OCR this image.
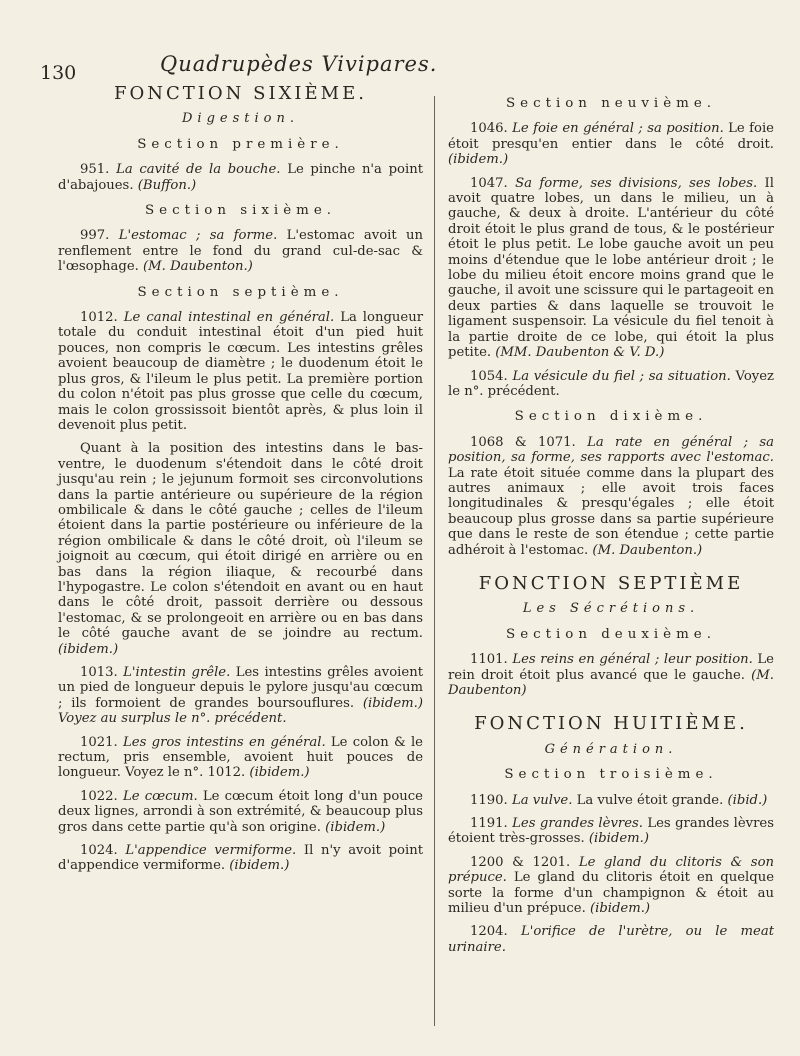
130	Quadrupèdes Vivipares.
FONCTION SIXIÈME.
Digestion.
Section première.

951. La cavité de la bouche. Le pinche n'a point d'abajoues. (Buffon.)

Section sixième.

997. L'estomac ; sa forme. L'estomac avoit un renflement entre le fond du grand cul-de-sac & l'œsophage. (M. Daubenton.)

Section septième.

1012. Le canal intestinal en général. La longueur totale du conduit intestinal étoit d'un pied huit pouces, non compris le cœcum. Les intestins grêles avoient beaucoup de diamètre ; le duodenum étoit le plus gros, & l'ileum le plus petit. La première portion du colon n'étoit pas plus grosse que celle du cœcum, mais le colon grossissoit bientôt après, & plus loin il devenoit plus petit.

Quant à la position des intestins dans le bas-ventre, le duodenum s'étendoit dans le côté droit jusqu'au rein ; le jejunum formoit ses circonvolutions dans la partie antérieure ou supérieure de la région ombilicale & dans le côté gauche ; celles de l'ileum étoient dans la partie postérieure ou inférieure de la région ombilicale & dans le côté droit, où l'ileum se joignoit au cœcum, qui étoit dirigé en arrière ou en bas dans la région iliaque, & recourbé dans l'hypogastre. Le colon s'étendoit en avant ou en haut dans le côté droit, passoit derrière ou dessous l'estomac, & se prolongeoit en arrière ou en bas dans le côté gauche avant de se joindre au rectum. (ibidem.)

1013. L'intestin grêle. Les intestins grêles avoient un pied de longueur depuis le pylore jusqu'au cœcum ; ils formoient de grandes boursouflures. (ibidem.) Voyez au surplus le n°. précédent.

1021. Les gros intestins en général. Le colon & le rectum, pris ensemble, avoient huit pouces de longueur. Voyez le n°. 1012. (ibidem.)

1022. Le cœcum. Le cœcum étoit long d'un pouce deux lignes, arrondi à son extrémité, & beaucoup plus gros dans cette partie qu'à son origine. (ibidem.)

1024. L'appendice vermiforme. Il n'y avoit point d'appendice vermiforme. (ibidem.)

Section neuvième.

1046. Le foie en général ; sa position. Le foie étoit presqu'en entier dans le côté droit. (ibidem.)

1047. Sa forme, ses divisions, ses lobes. Il avoit quatre lobes, un dans le milieu, un à gauche, & deux à droite. L'antérieur du côté droit étoit le plus grand de tous, & le postérieur étoit le plus petit. Le lobe gauche avoit un peu moins d'étendue que le lobe antérieur droit ; le lobe du milieu étoit encore moins grand que le gauche, il avoit une scissure qui le partageoit en deux parties & dans laquelle se trouvoit le ligament suspensoir. La vésicule du fiel tenoit à la partie droite de ce lobe, qui étoit la plus petite. (MM. Daubenton & V. D.)

1054. La vésicule du fiel ; sa situation. Voyez le n°. précédent.

Section dixième.

1068 & 1071. La rate en général ; sa position, sa forme, ses rapports avec l'estomac. La rate étoit située comme dans la plupart des autres animaux ; elle avoit trois faces longitudinales & presqu'égales ; elle étoit beaucoup plus grosse dans sa partie supérieure que dans le reste de son étendue ; cette partie adhéroit à l'estomac. (M. Daubenton.)

FONCTION SEPTIÈME
Les Sécrétions.
Section deuxième.

1101. Les reins en général ; leur position. Le rein droit étoit plus avancé que le gauche. (M. Daubenton)

FONCTION HUITIÈME.
Génération.
Section troisième.

1190. La vulve. La vulve étoit grande. (ibid.)

1191. Les grandes lèvres. Les grandes lèvres étoient très-grosses. (ibidem.)

1200 & 1201. Le gland du clitoris & son prépuce. Le gland du clitoris étoit en quelque sorte la forme d'un champignon & étoit au milieu d'un prépuce. (ibidem.)

1204. L'orifice de l'urètre, ou le meat urinaire.
